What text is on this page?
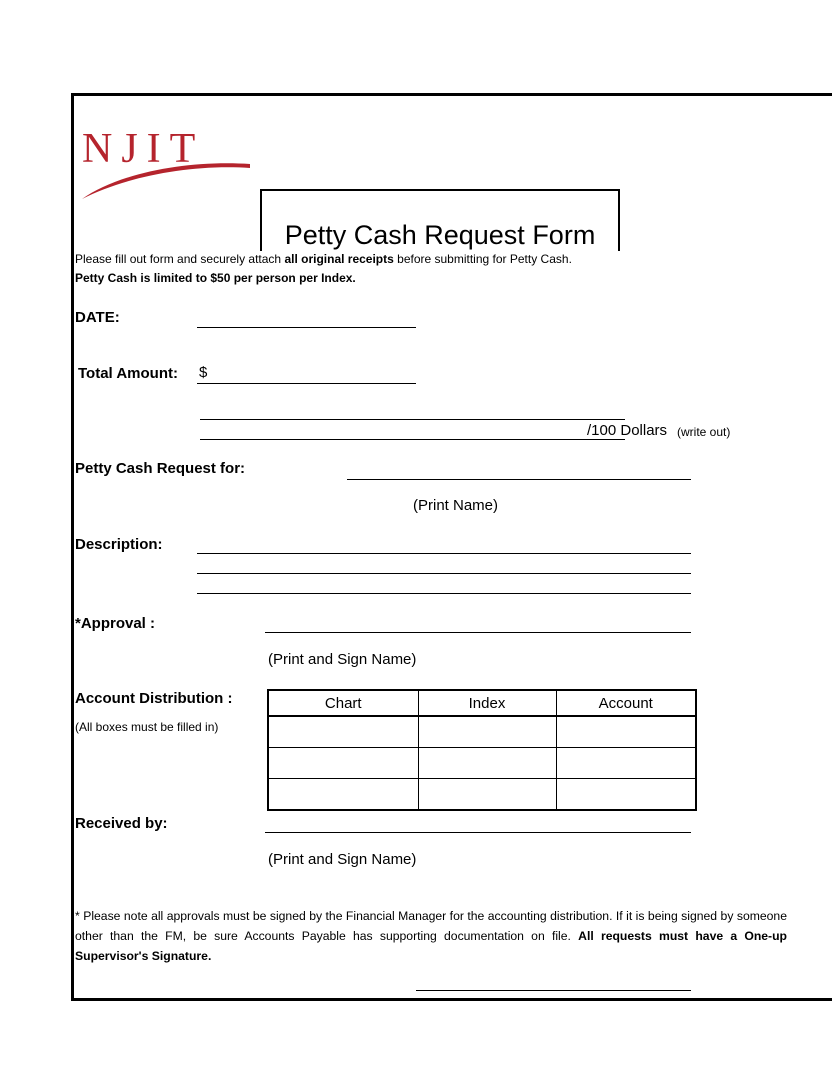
NJIT
Petty Cash Request Form
Please fill out form and securely attach all original receipts before submitting for Petty Cash.
Petty Cash is limited to $50 per person per Index.
DATE:
Total Amount: $
/100 Dollars (write out)
Petty Cash Request for:
(Print Name)
Description:
*Approval :
(Print and Sign Name)
Account Distribution :
(All boxes must be filled in)
Chart	Index	Account

Received by:
(Print and Sign Name)
* Please note all approvals must be signed by the Financial Manager for the accounting distribution. If it is being signed by someone other than the FM, be sure Accounts Payable has supporting documentation on file. All requests must have a One-up Supervisor's Signature.
